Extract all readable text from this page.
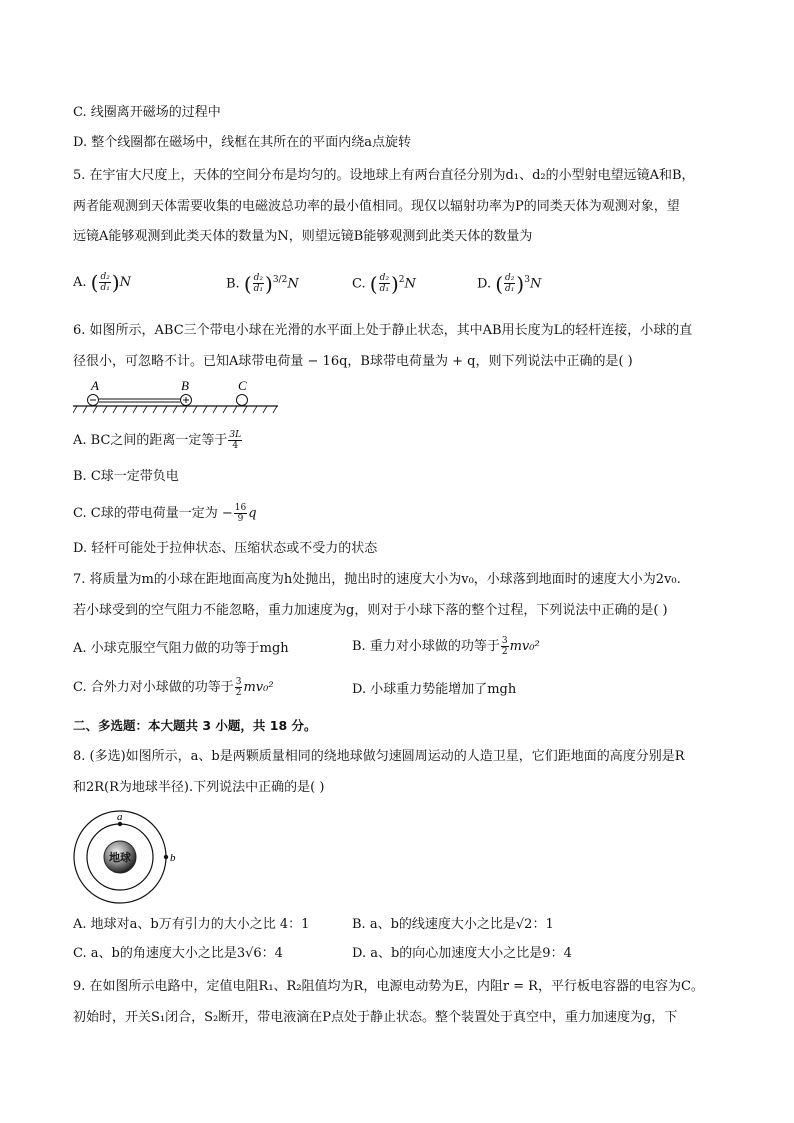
C. 线圈离开磁场的过程中
D. 整个线圈都在磁场中，线框在其所在的平面内绕a点旋转
5. 在宇宙大尺度上，天体的空间分布是均匀的。设地球上有两台直径分别为d₁、d₂的小型射电望远镜A和B，
两者能观测到天体需要收集的电磁波总功率的最小值相同。现仅以辐射功率为P的同类天体为观测对象，望
远镜A能够观测到此类天体的数量为N，则望远镜B能够观测到此类天体的数量为
A. ( $\frac{\text{d₂}}{\text{d₁}} )N$	B. ( $\frac{\text{d₂}}{\text{d₁}} )^{3/2}N$	C. ( $\frac{\text{d₂}}{\text{d₁}} )^2N$	D. ( $\frac{\text{d₂}}{\text{d₁}} )^3N$
6. 如图所示，ABC三个带电小球在光滑的水平面上处于静止状态，其中AB用长度为L的轻杆连接，小球的直
径很小，可忽略不计。已知A球带电荷量 − 16q，B球带电荷量为 + q，则下列说法中正确的是( )
A	B	C
A. BC之间的距离一定等于 $\frac{3L}{4}$
B. C球一定带负电
C. C球的带电荷量一定为 − $\frac{16}{9}$ q
D. 轻杆可能处于拉伸状态、压缩状态或不受力的状态
7. 将质量为m的小球在距地面高度为h处抛出，抛出时的速度大小为v₀，小球落到地面时的速度大小为2v₀.
若小球受到的空气阻力不能忽略，重力加速度为g，则对于小球下落的整个过程，下列说法中正确的是( )
A. 小球克服空气阻力做的功等于mgh	B. 重力对小球做的功等于 $\frac{3}{2} mv_0^2$
C. 合外力对小球做的功等于 $\frac{3}{2} mv_0^2$	D. 小球重力势能增加了mgh
二、多选题：本大题共 3 小题，共 18 分。
8. (多选)如图所示，a、b是两颗质量相同的绕地球做匀速圆周运动的人造卫星，它们距地面的高度分别是R
和2R(R为地球半径).下列说法中正确的是( )
地球
a
b
A. 地球对a、b万有引力的大小之比 4：1	B. a、b的线速度大小之比是√2：1
C. a、b的角速度大小之比是3√6：4	D. a、b的向心加速度大小之比是9：4
9. 在如图所示电路中，定值电阻R₁、R₂阻值均为R，电源电动势为E，内阻r = R，平行板电容器的电容为C。
初始时，开关S₁闭合，S₂断开，带电液滴在P点处于静止状态。整个装置处于真空中，重力加速度为g，下
